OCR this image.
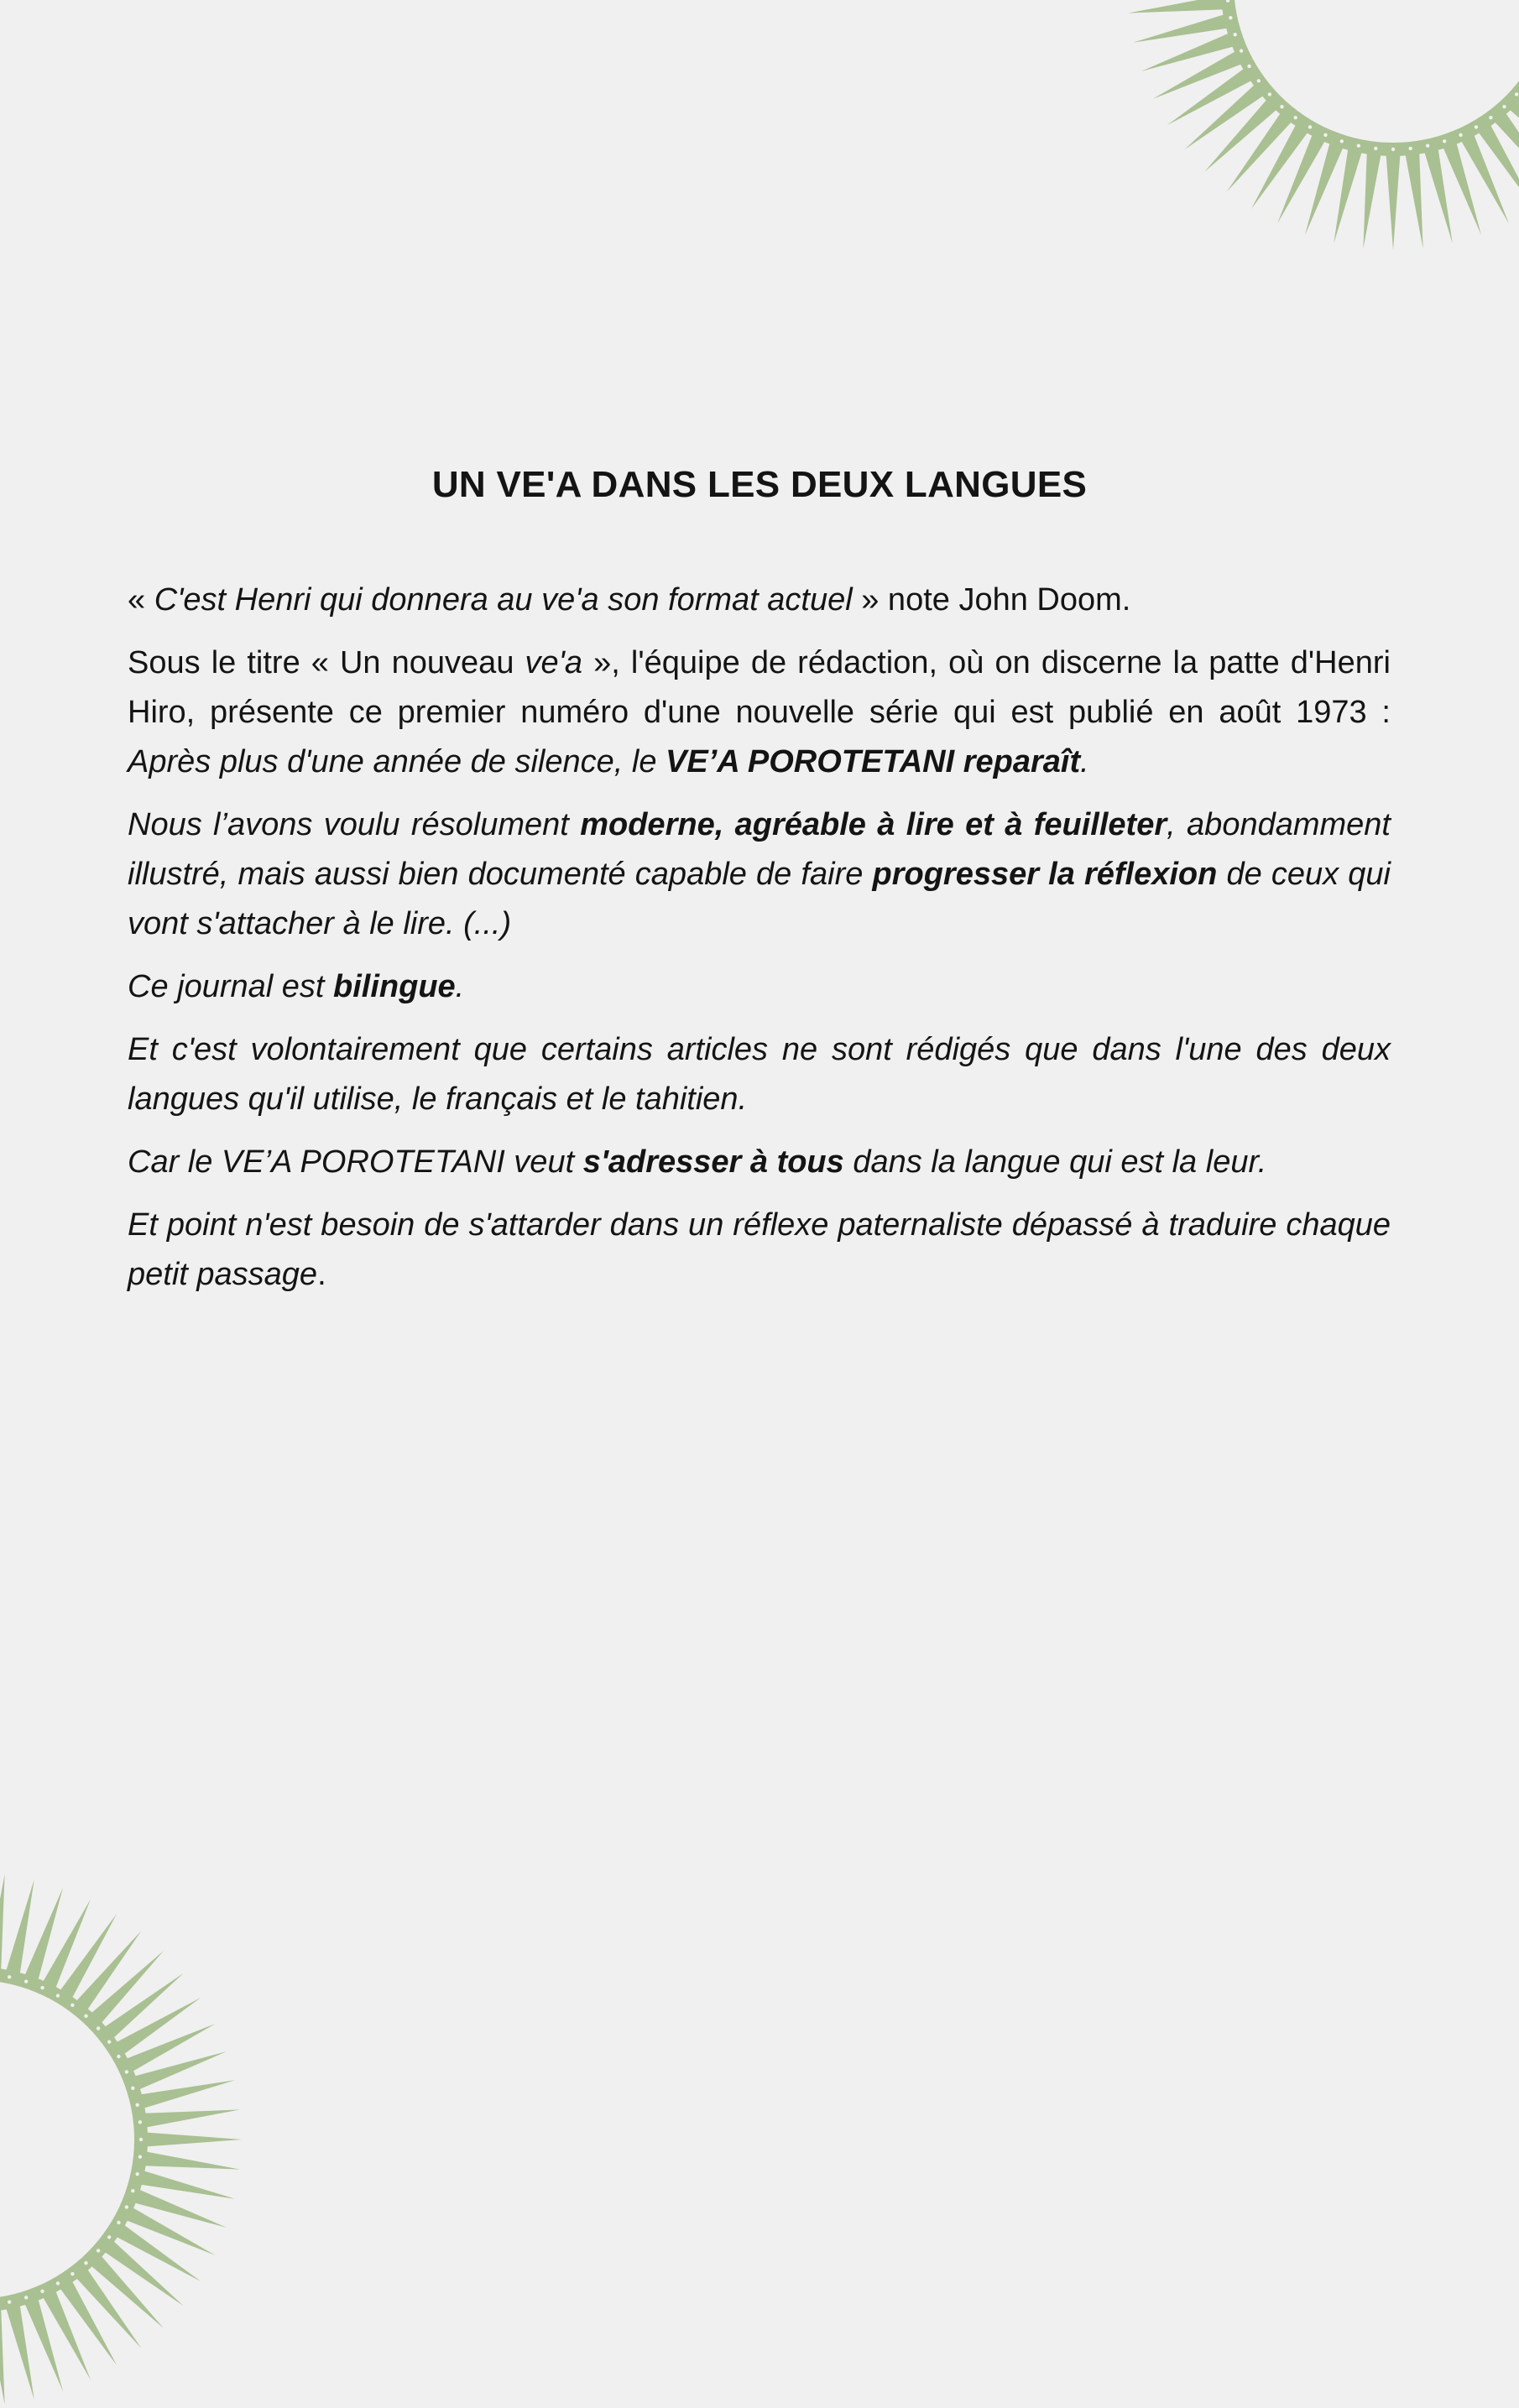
UN VE'A DANS LES DEUX LANGUES

« C'est Henri qui donnera au ve'a son format actuel » note John Doom.

Sous le titre « Un nouveau ve'a », l'équipe de rédaction, où on discerne la patte d'Henri Hiro, présente ce premier numéro d'une nouvelle série qui est publié en août 1973 : Après plus d'une année de silence, le VE’A POROTETANI reparaît.

Nous l’avons voulu résolument moderne, agréable à lire et à feuilleter, abondamment illustré, mais aussi bien documenté capable de faire progresser la réflexion de ceux qui vont s'attacher à le lire. (...)

Ce journal est bilingue.

Et c'est volontairement que certains articles ne sont rédigés que dans l'une des deux langues qu'il utilise, le français et le tahitien.

Car le VE’A POROTETANI veut s'adresser à tous dans la langue qui est la leur.

Et point n'est besoin de s'attarder dans un réflexe paternaliste dépassé à traduire chaque petit passage.
